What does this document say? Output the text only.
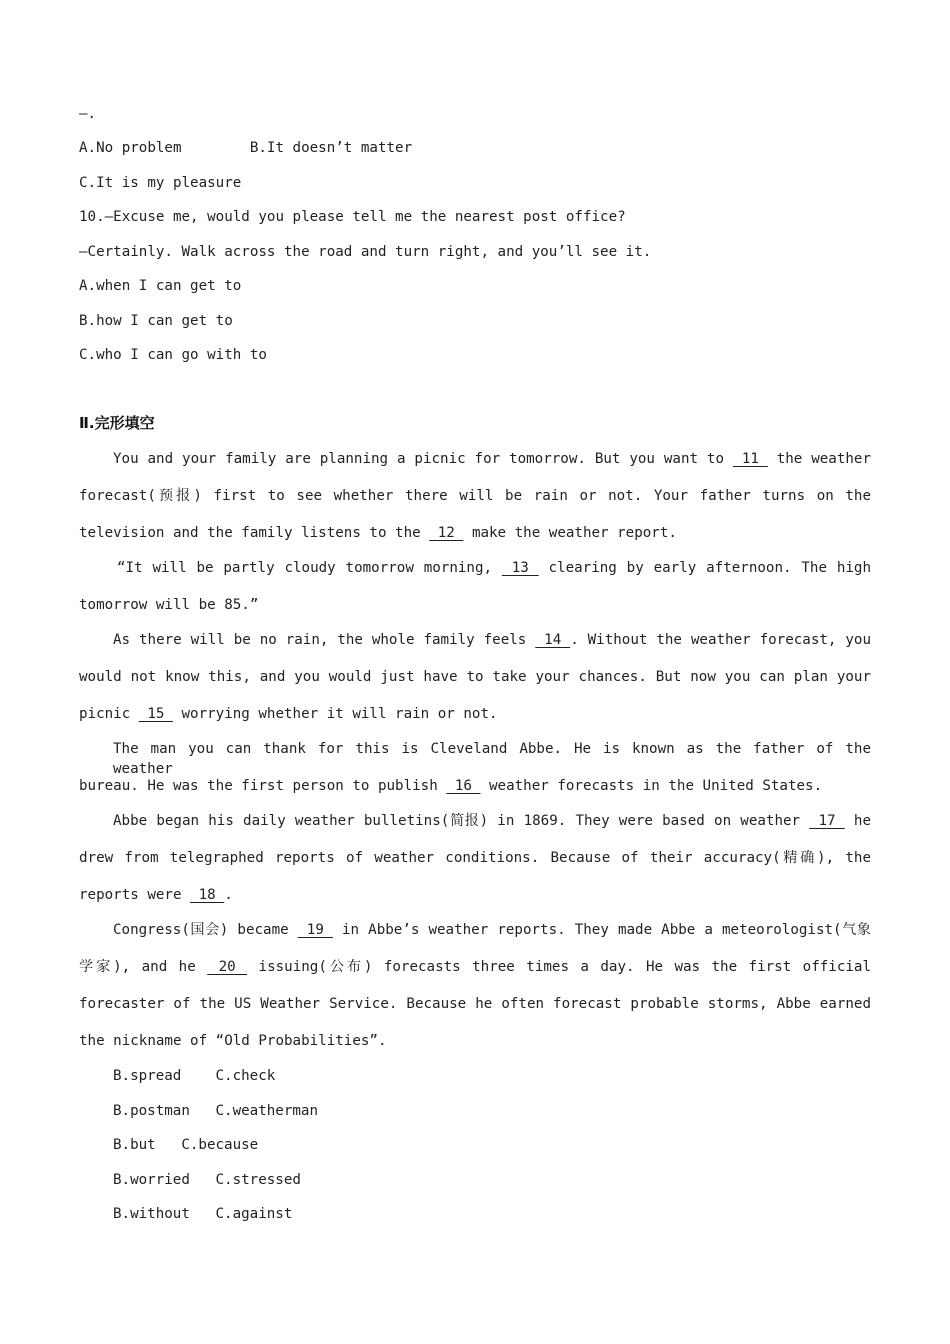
—.
A.No problem	B.It doesn’t matter
C.It is my pleasure
10.—Excuse me, would you please tell me the nearest post office?
—Certainly. Walk across the road and turn right, and you’ll see it.
A.when I can get to
B.how I can get to
C.who I can go with to
Ⅱ.完形填空
You and your family are planning a picnic for tomorrow. But you want to  11  the weather
forecast(预报) first to see whether there will be rain or not. Your father turns on the
television and the family listens to the  12  make the weather report.
“It will be partly cloudy tomorrow morning,  13  clearing by early afternoon. The high
tomorrow will be 85.”
As there will be no rain, the whole family feels  14 . Without the weather forecast, you
would not know this, and you would just have to take your chances. But now you can plan your
picnic  15  worrying whether it will rain or not.
The man you can thank for this is Cleveland Abbe. He is known as the father of the weather
bureau. He was the first person to publish  16  weather forecasts in the United States.
Abbe began his daily weather bulletins(简报) in 1869. They were based on weather  17  he
drew from telegraphed reports of weather conditions. Because of their accuracy(精确), the
reports were  18 .
Congress(国会) became  19  in Abbe’s weather reports. They made Abbe a meteorologist(气象
学家), and he  20  issuing(公布) forecasts three times a day. He was the first official
forecaster of the US Weather Service. Because he often forecast probable storms, Abbe earned
the nickname of “Old Probabilities”.
B.spread C.check
B.postman C.weatherman
B.but C.because
B.worried C.stressed
B.without C.against
